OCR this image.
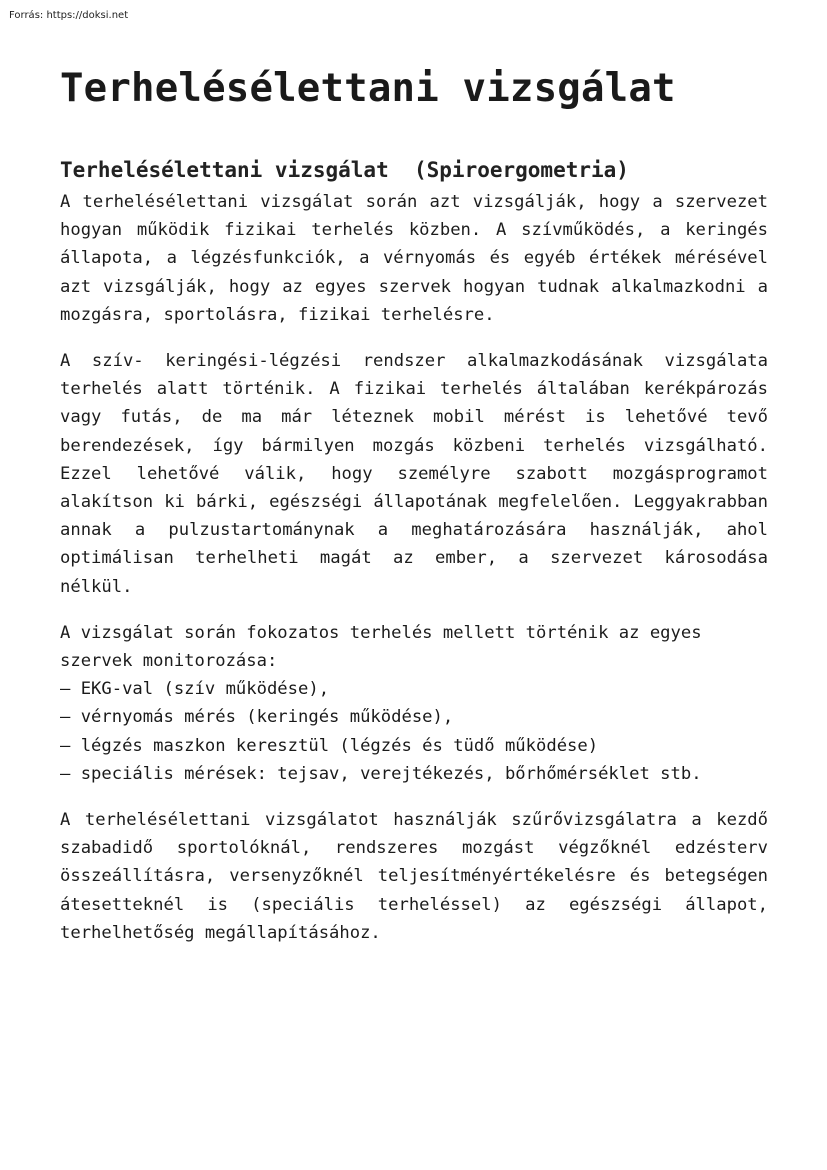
Forrás: https://doksi.net
Terhelésélettani vizsgálat
Terhelésélettani vizsgálat  (Spiroergometria)

A terhelésélettani vizsgálat során azt vizsgálják, hogy a szervezet hogyan működik fizikai terhelés közben. A szívműködés, a keringés állapota, a légzésfunkciók, a vérnyomás és egyéb értékek mérésével azt vizsgálják, hogy az egyes szervek hogyan tudnak alkalmazkodni a mozgásra, sportolásra, fizikai terhelésre.

A szív- keringési-légzési rendszer alkalmazkodásának vizsgálata terhelés alatt történik. A fizikai terhelés általában kerékpározás vagy futás, de ma már léteznek mobil mérést is lehetővé tevő berendezések, így bármilyen mozgás közbeni terhelés vizsgálható. Ezzel lehetővé válik, hogy személyre szabott mozgásprogramot alakítson ki bárki, egészségi állapotának megfelelően. Leggyakrabban annak a pulzustartománynak a meghatározására használják, ahol optimálisan terhelheti magát az ember, a szervezet károsodása nélkül.

A vizsgálat során fokozatos terhelés mellett történik az egyes szervek monitorozása:

– EKG-val (szív működése),
– vérnyomás mérés (keringés működése),
– légzés maszkon keresztül (légzés és tüdő működése)
– speciális mérések: tejsav, verejtékezés, bőrhőmérséklet stb.

A terhelésélettani vizsgálatot használják szűrővizsgálatra a kezdő szabadidő sportolóknál, rendszeres mozgást végzőknél edzésterv összeállításra, versenyzőknél teljesítményértékelésre és betegségen átesetteknél is (speciális terheléssel) az egészségi állapot, terhelhetőség megállapításához.
